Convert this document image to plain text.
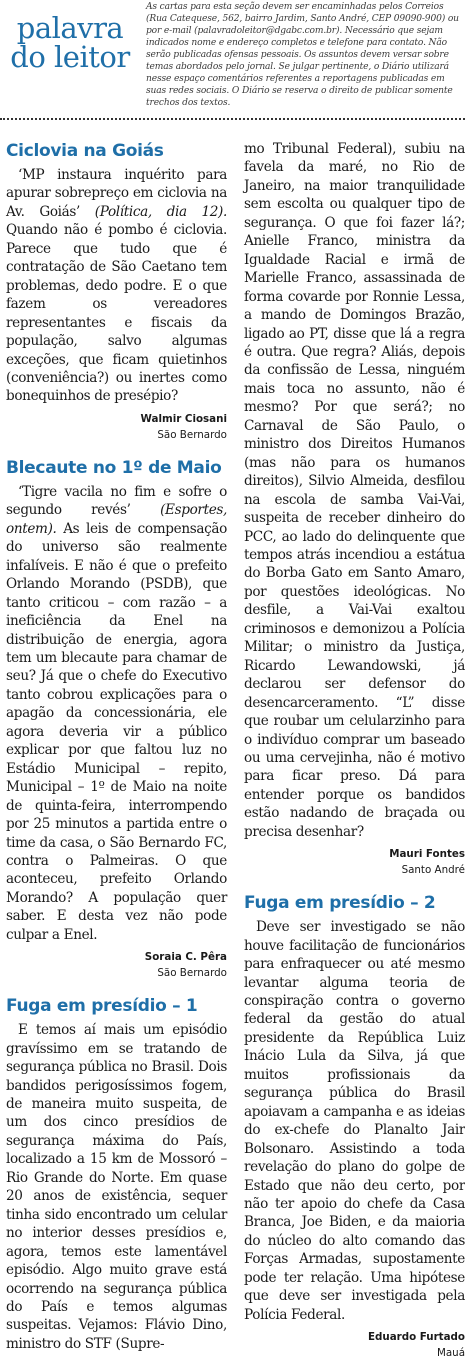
palavra
do leitor
As cartas para esta seção devem ser encaminhadas pelos Correios (Rua Catequese, 562, bairro Jardim, Santo André, CEP 09090-900) ou por e-mail (palavradoleitor@dgabc.com.br). Necessário que sejam indicados nome e endereço completos e telefone para contato. Não serão publicadas ofensas pessoais. Os assuntos devem versar sobre temas abordados pelo jornal. Se julgar pertinente, o Diário utilizará nesse espaço comentários referentes a reportagens publicadas em suas redes sociais. O Diário se reserva o direito de publicar somente trechos dos textos.
Ciclovia na Goiás

‘MP instaura inquérito para apurar sobrepreço em ciclovia na Av. Goiás’ (Política, dia 12). Quando não é pombo é ciclovia. Parece que tudo que é contratação de São Caetano tem problemas, dedo podre. E o que fazem os vereadores representantes e fiscais da população, salvo algumas exceções, que ficam quietinhos (conveniência?) ou inertes como bonequinhos de presépio?

Walmir Ciosani
São Bernardo
Blecaute no 1º de Maio

‘Tigre vacila no fim e sofre o segundo revés’ (Esportes, ontem). As leis de compensação do universo são realmente infalíveis. E não é que o prefeito Orlando Morando (PSDB), que tanto criticou – com razão – a ineficiência da Enel na distribuição de energia, agora tem um blecaute para chamar de seu? Já que o chefe do Executivo tanto cobrou explicações para o apagão da concessionária, ele agora deveria vir a público explicar por que faltou luz no Estádio Municipal – repito, Municipal – 1º de Maio na noite de quinta-feira, interrompendo por 25 minutos a partida entre o time da casa, o São Bernardo FC, contra o Palmeiras. O que aconteceu, prefeito Orlando Morando? A população quer saber. E desta vez não pode culpar a Enel.

Soraia C. Pêra
São Bernardo
Fuga em presídio – 1

E temos aí mais um episódio gravíssimo em se tratando de segurança pública no Brasil. Dois bandidos perigosíssimos fogem, de maneira muito suspeita, de um dos cinco presídios de segurança máxima do País, localizado a 15 km de Mossoró – Rio Grande do Norte. Em quase 20 anos de existência, sequer tinha sido encontrado um celular no interior desses presídios e, agora, temos este lamentável episódio. Algo muito grave está ocorrendo na segurança pública do País e temos algumas suspeitas. Vejamos: Flávio Dino, ministro do STF (Supre-

mo Tribunal Federal), subiu na favela da maré, no Rio de Janeiro, na maior tranquilidade sem escolta ou qualquer tipo de segurança. O que foi fazer lá?; Anielle Franco, ministra da Igualdade Racial e irmã de Marielle Franco, assassinada de forma covarde por Ronnie Lessa, a mando de Domingos Brazão, ligado ao PT, disse que lá a regra é outra. Que regra? Aliás, depois da confissão de Lessa, ninguém mais toca no assunto, não é mesmo? Por que será?; no Carnaval de São Paulo, o ministro dos Direitos Humanos (mas não para os humanos direitos), Silvio Almeida, desfilou na escola de samba Vai-Vai, suspeita de receber dinheiro do PCC, ao lado do delinquente que tempos atrás incendiou a estátua do Borba Gato em Santo Amaro, por questões ideológicas. No desfile, a Vai-Vai exaltou criminosos e demonizou a Polícia Militar; o ministro da Justiça, Ricardo Lewandowski, já declarou ser defensor do desencarceramento. “L” disse que roubar um celularzinho para o indivíduo comprar um baseado ou uma cervejinha, não é motivo para ficar preso. Dá para entender porque os bandidos estão nadando de braçada ou precisa desenhar?

Mauri Fontes
Santo André
Fuga em presídio – 2

Deve ser investigado se não houve facilitação de funcionários para enfraquecer ou até mesmo levantar alguma teoria de conspiração contra o governo federal da gestão do atual presidente da República Luiz Inácio Lula da Silva, já que muitos profissionais da segurança pública do Brasil apoiavam a campanha e as ideias do ex-chefe do Planalto Jair Bolsonaro. Assistindo a toda revelação do plano do golpe de Estado que não deu certo, por não ter apoio do chefe da Casa Branca, Joe Biden, e da maioria do núcleo do alto comando das Forças Armadas, supostamente pode ter relação. Uma hipótese que deve ser investigada pela Polícia Federal.

Eduardo Furtado
Mauá
